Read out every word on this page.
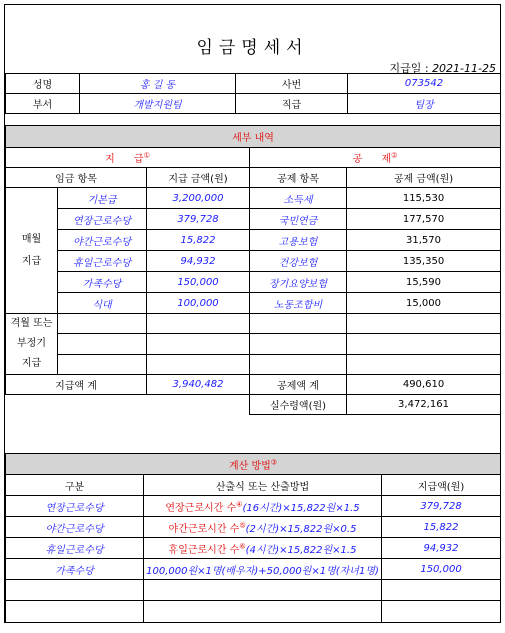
임금명세서
지급일 : 2021-11-25
성명	홍 길 동	사번	073542
부서	개발지원팀	직급	팀장
세부 내역				
지 급①			공 제②
임금 항목		지급 금액(원)	공제 항목	공제 금액(원)
매월
지급	기본급	3,200,000	소득세	115,530
	연장근로수당	379,728	국민연금	177,570
	야간근로수당	15,822	고용보험	31,570
	휴일근로수당	94,932	건강보험	135,350
	가족수당	150,000	장기요양보험	15,590
	식대	100,000	노동조합비	15,000
격월 또는
부정기
지급				

지급액 계		3,940,482	공제액 계	490,610
			실수령액(원)	3,472,161
계산 방법③
구분	산출식 또는 산출방법	지급액(원)
연장근로수당	연장근로시간 수④(16시간)×15,822원×1.5	379,728
야간근로수당	야간근로시간 수⑤(2시간)×15,822원×0.5	15,822
휴일근로수당	휴일근로시간 수⑥(4시간)×15,822원×1.5	94,932
가족수당	100,000원×1명(배우자)+50,000원×1명(자녀1명)	150,000
